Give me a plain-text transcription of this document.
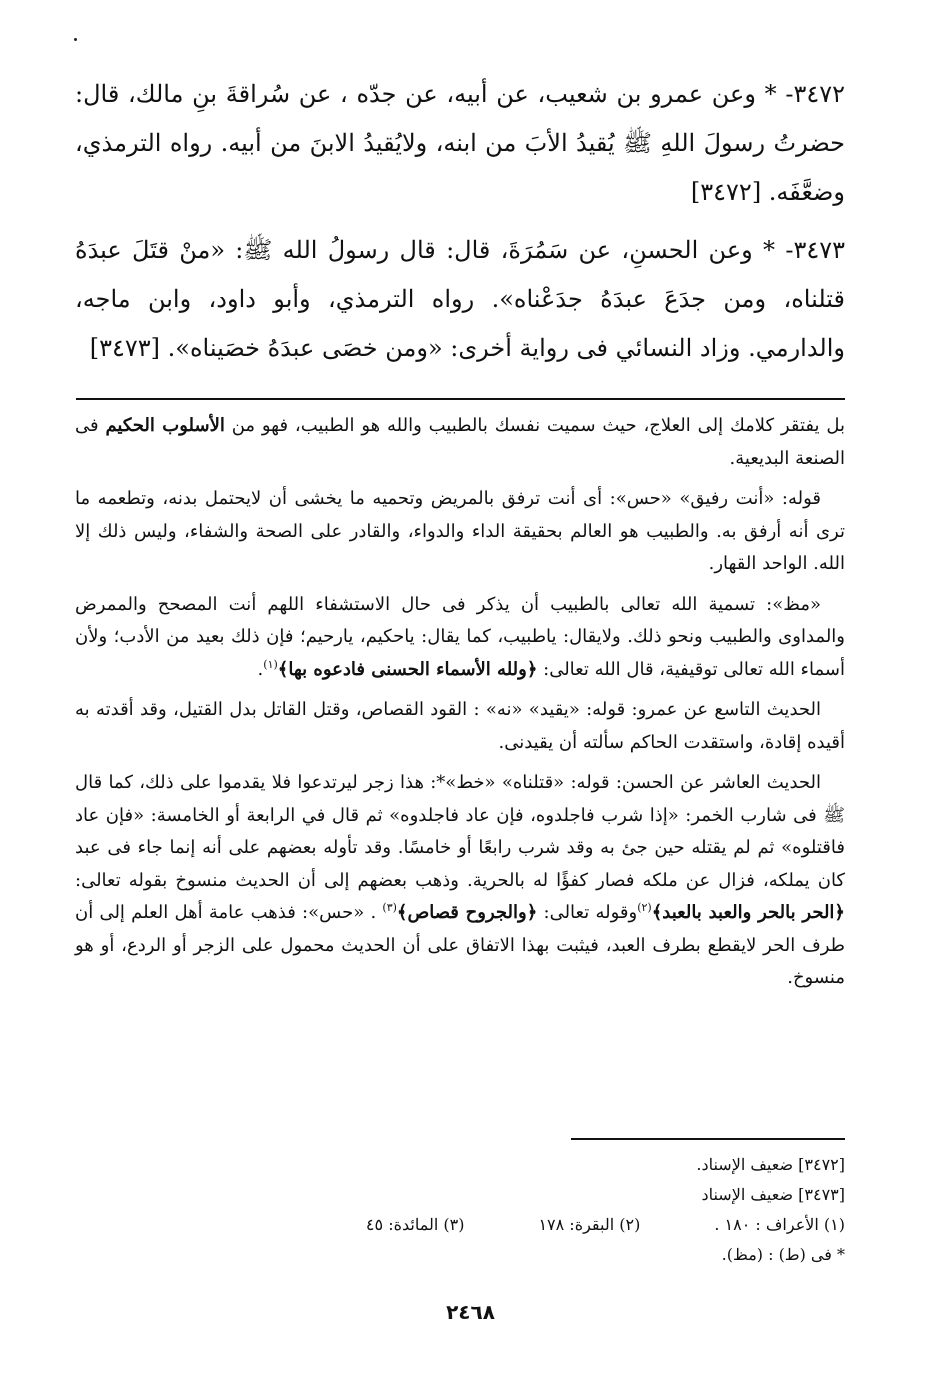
٣٤٧٢- * وعن عمرو بن شعيب، عن أبيه، عن جدّه ، عن سُراقةَ بنِ مالك، قال: حضرتُ رسولَ اللهِ ﷺ يُقيدُ الأبَ من ابنه، ولايُقيدُ الابنَ من أبيه. رواه الترمذي، وضعَّفَه. [٣٤٧٢]
٣٤٧٣- * وعن الحسنِ، عن سَمُرَةَ، قال: قال رسولُ الله ﷺ: «منْ قتَلَ عبدَهُ قتلناه، ومن جدَعَ عبدَهُ جدَعْناه». رواه الترمذي، وأبو داود، وابن ماجه، والدارمي. وزاد النسائي فى رواية أخرى: «ومن خصَى عبدَهُ خصَيناه». [٣٤٧٣]

بل يفتقر كلامك إلى العلاج، حيث سميت نفسك بالطبيب والله هو الطبيب، فهو من الأسلوب الحكيم فى الصنعة البديعية.

قوله: «أنت رفيق» «حس»: أى أنت ترفق بالمريض وتحميه ما يخشى أن لايحتمل بدنه، وتطعمه ما ترى أنه أرفق به. والطبيب هو العالم بحقيقة الداء والدواء، والقادر على الصحة والشفاء، وليس ذلك إلا الله. الواحد القهار.

«مظ»: تسمية الله تعالى بالطبيب أن يذكر فى حال الاستشفاء اللهم أنت المصحح والممرض والمداوى والطبيب ونحو ذلك. ولايقال: ياطبيب، كما يقال: ياحكيم، يارحيم؛ فإن ذلك بعيد من الأدب؛ ولأن أسماء الله تعالى توقيفية، قال الله تعالى: ﴿ولله الأسماء الحسنى فادعوه بها﴾$^{(١)}$.

الحديث التاسع عن عمرو: قوله: «يقيد» «نه» : القود القصاص، وقتل القاتل بدل القتيل، وقد أقدته به أقيده إقادة، واستقدت الحاكم سألته أن يقيدنى.

الحديث العاشر عن الحسن: قوله: «قتلناه» «خط»*: هذا زجر ليرتدعوا فلا يقدموا على ذلك، كما قال ﷺ فى شارب الخمر: «إذا شرب فاجلدوه، فإن عاد فاجلدوه» ثم قال في الرابعة أو الخامسة: «فإن عاد فاقتلوه» ثم لم يقتله حين جئ به وقد شرب رابعًا أو خامسًا. وقد تأوله بعضهم على أنه إنما جاء فى عبد كان يملكه، فزال عن ملكه فصار كفؤًا له بالحرية. وذهب بعضهم إلى أن الحديث منسوخ بقوله تعالى: ﴿الحر بالحر والعبد بالعبد﴾$^{(٢)}$وقوله تعالى: ﴿والجروح قصاص﴾$^{(٣)}$ . «حس»: فذهب عامة أهل العلم إلى أن طرف الحر لايقطع بطرف العبد، فيثبت بهذا الاتفاق على أن الحديث محمول على الزجر أو الردع، أو هو منسوخ.

[٣٤٧٢] ضعيف الإسناد.
[٣٤٧٣] ضعيف الإسناد
(١) الأعراف : ١٨٠ .
(٢) البقرة: ١٧٨
(٣) المائدة: ٤٥
* فى (ط) : (مظ).
٢٤٦٨
